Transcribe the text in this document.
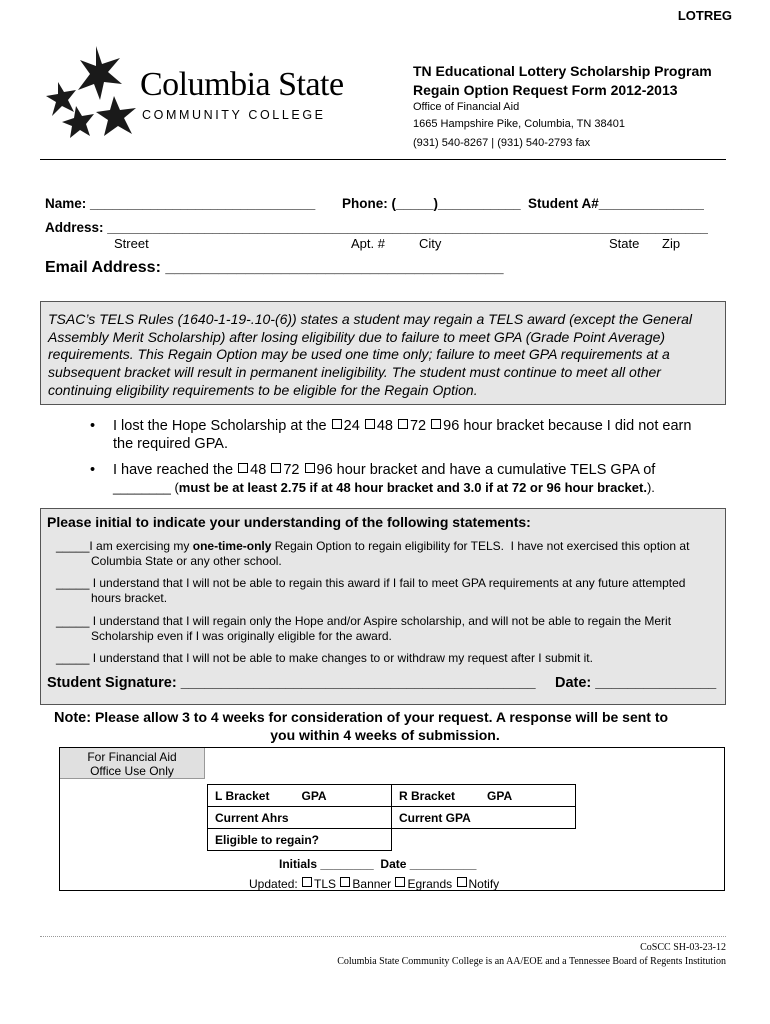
LOTREG
Columbia State
COMMUNITY COLLEGE
TN Educational Lottery Scholarship Program
Regain Option Request Form 2012-2013
Office of Financial Aid
1665 Hampshire Pike, Columbia, TN 38401
(931) 540-8267 | (931) 540-2793 fax
Name: ______________________________ Phone: (_____)___________ Student A#______________
Address: ________________________________________________________________________________
Street	Apt. #	City	State Zip
Email Address: ______________________________________

TSAC’s TELS Rules (1640-1-19-.10-(6)) states a student may regain a TELS award (except the General Assembly Merit Scholarship) after losing eligibility due to failure to meet GPA (Grade Point Average) requirements. This Regain Option may be used one time only; failure to meet GPA requirements at a subsequent bracket will result in permanent ineligibility. The student must continue to meet all other continuing eligibility requirements to be eligible for the Regain Option.

• I lost the Hope Scholarship at the 24 48 72 96 hour bracket because I did not earn
the required GPA.
• I have reached the 48 72 96 hour bracket and have a cumulative TELS GPA of
________ (must be at least 2.75 if at 48 hour bracket and 3.0 if at 72 or 96 hour bracket.).
Please initial to indicate your understanding of the following statements:
_____I am exercising my one-time-only Regain Option to regain eligibility for TELS.  I have not exercised this option at
Columbia State or any other school.
_____ I understand that I will not be able to regain this award if I fail to meet GPA requirements at any future attempted
hours bracket.
_____ I understand that I will regain only the Hope and/or Aspire scholarship, and will not be able to regain the Merit
Scholarship even if I was originally eligible for the award.
_____ I understand that I will not be able to make changes to or withdraw my request after I submit it.
Student Signature: ____________________________________________ Date: _______________
Note: Please allow 3 to 4 weeks for consideration of your request. A response will be sent to
you within 4 weeks of submission.
For Financial Aid
Office Use Only
L Bracket GPA	R Bracket GPA
Current Ahrs	Current GPA
Eligible to regain?	
Initials ________  Date __________
Updated: TLS Banner Egrands Notify
CoSCC SH-03-23-12
Columbia State Community College is an AA/EOE and a Tennessee Board of Regents Institution
